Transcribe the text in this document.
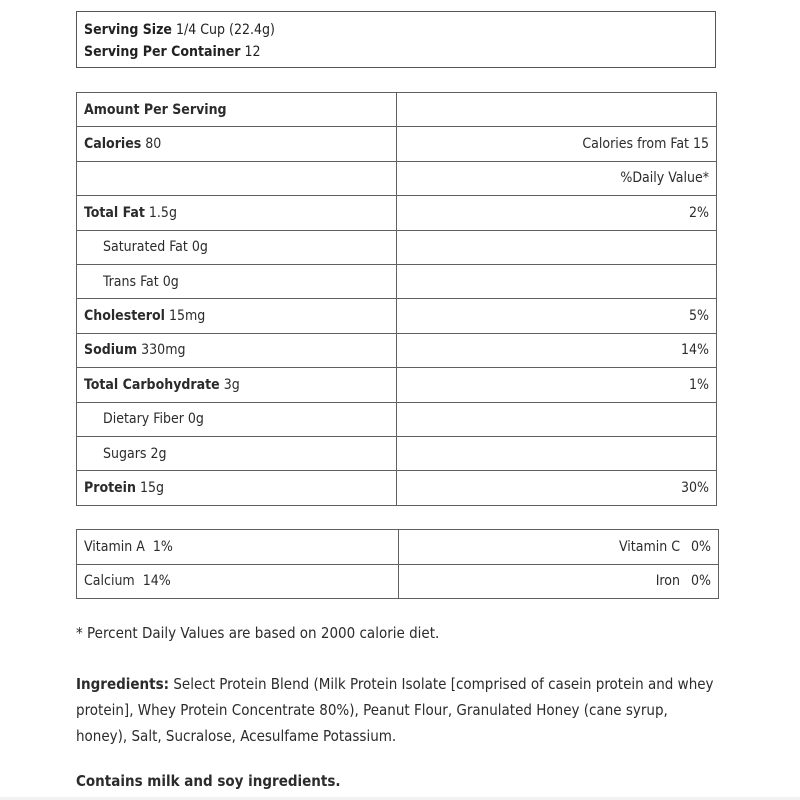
Serving Size 1/4 Cup (22.4g)
Serving Per Container 12
Amount Per Serving	
Calories 80	Calories from Fat 15
	%Daily Value*
Total Fat 1.5g	2%
Saturated Fat 0g	
Trans Fat 0g	
Cholesterol 15mg	5%
Sodium 330mg	14%
Total Carbohydrate 3g	1%
Dietary Fiber 0g	
Sugars 2g	
Protein 15g	30%
Vitamin A 1%	Vitamin C 0%
Calcium 14%	Iron 0%
* Percent Daily Values are based on 2000 calorie diet.
Ingredients: Select Protein Blend (Milk Protein Isolate [comprised of casein protein and whey protein], Whey Protein Concentrate 80%), Peanut Flour, Granulated Honey (cane syrup, honey), Salt, Sucralose, Acesulfame Potassium.
Contains milk and soy ingredients.
